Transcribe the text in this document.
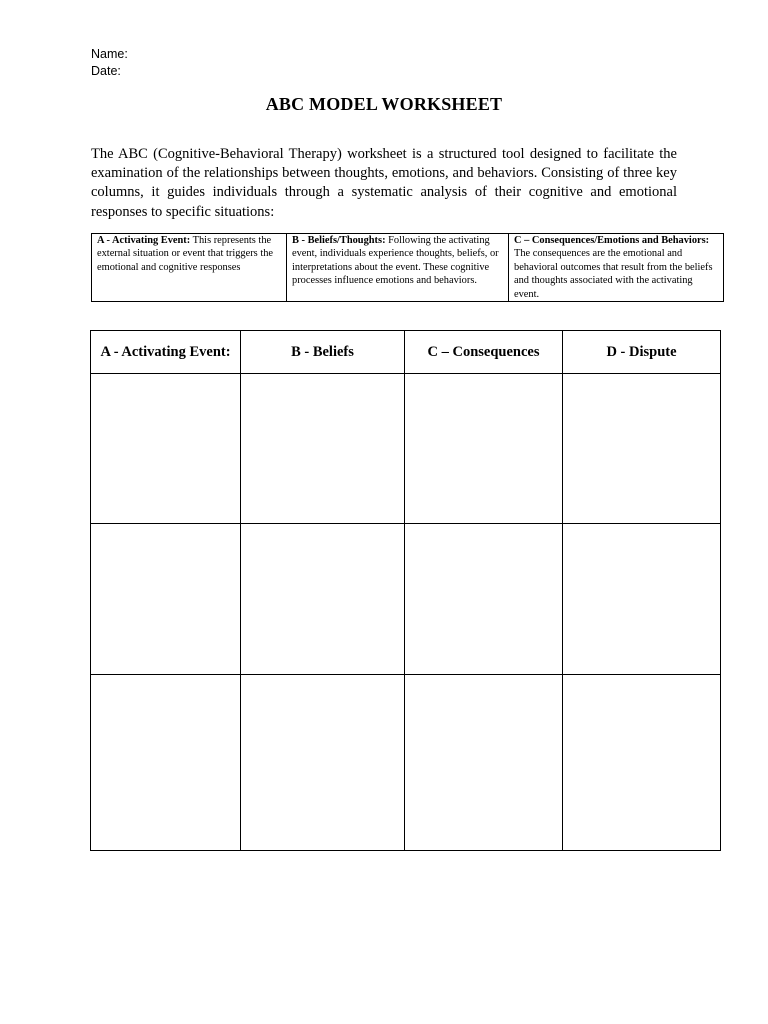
Name:
Date:
ABC MODEL WORKSHEET

The ABC (Cognitive-Behavioral Therapy) worksheet is a structured tool designed to facilitate the examination of the relationships between thoughts, emotions, and behaviors. Consisting of three key columns, it guides individuals through a systematic analysis of their cognitive and emotional responses to specific situations:

A - Activating Event: This represents the external situation or event that triggers the emotional and cognitive responses	B - Beliefs/Thoughts: Following the activating event, individuals experience thoughts, beliefs, or interpretations about the event. These cognitive processes influence emotions and behaviors.	C – Consequences/Emotions and Behaviors: The consequences are the emotional and behavioral outcomes that result from the beliefs and thoughts associated with the activating event.
A - Activating Event:	B - Beliefs	C – Consequences	D - Dispute
